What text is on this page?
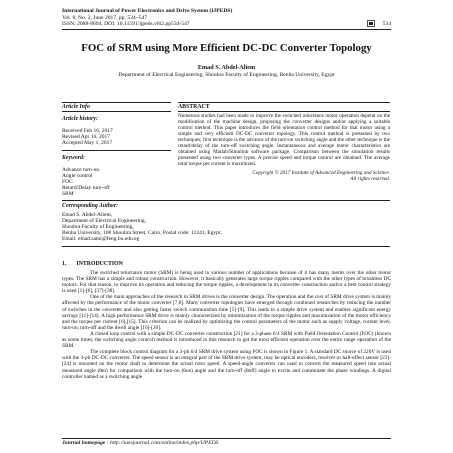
International Journal of Power Electronics and Drive System (IJPEDS)
Vol. 8, No. 2, June 2017, pp. 534~547
ISSN: 2088-8694, DOI: 10.11591/ijpeds.v8i2.pp534-547	534
FOC of SRM using More Efficient DC-DC Converter Topology
Emad S. Abdel-Aliem
Department of Electrical Engineering, Shoubra Faculty of Engineering, Benha University, Egypt
Article Info	ABSTRACT
Article history:
Received Feb 16, 2017
Revised Apr 16, 2017
Accepted May 1, 2017
Keyword:
Advance turn-on
Angle control
FOC
Retard/Delay turn-off
SRM
Numerous studies had been made to improve the switched reluctance motor operation depend on the modification of the machine design, proposing the converter designs and/or applying a suitable control method. This paper introduces the field orientation control method for that motor using a simple and very efficient DC-DC converter topology. This control method is presented by two techniques; first technique is the advance of the turn-on switching angle and the other technique is the retard/delay of the turn-off switching angle. Instantaneous and average motor characteristics are obtained using Matlab/Simulink software package. Comparison between the simulation results presented using two converter types. A precise speed and torque control are obtained. The average total torque per current is maximized.
Copyright © 2017 Institute of Advanced Engineering and Science.
All rights reserved.
Corresponding Author:
Emad S. Abdel-Aliem,
Department of Electrical Engineering,
Shoubra Faculty of Engineering,
Benha University, 108 Shoubra Street, Cairo, Postal code: 11241, Egypt.
Email: emad.sami@feng.bu.edu.eg
1.       INTRODUCTION

The switched reluctance motor (SRM) is being used in various number of applications because of it has many merits over the other motor types. The SRM has a simple and robust construction. However, it basically generates large torque ripples compared with the other types of brushless DC motors. For that reason, to improve its operation and reducing the torque ripples, a development in its converter construction and/or a best control strategy is used [1]-[6], [37]-[38].

One of the main approaches of the research in SRM drives is the converter design. The operation and the cost of SRM drive system is mainly affected by the performance of the motor converter [7,8]. Many converter topologies have emerged through continued researches by reducing the number of switches in the converter and also getting faster switch commutation time [5]-[9]. This leads to a simple drive system and enables significant energy savings [11]-[14]. A high performance SRM drive is mainly characterized by minimization of the torque ripples and maximization of the motor efficiency and the torque per current [6],[15]. This criterion can be realized by optimizing the control parameters of the motor such as supply voltage, current level, turn-on, turn-off and the dwell angle [16]-[20].

A closed loop control with a simple DC-DC converter construction [21] for a 3-phase 6/4 SRM with Field Orientation Control (FOC) (known as some times, the switching angle control) method is introduced in this research to get the most efficient operation over the entire range operation of the SRM.

The complete block control diagram for a 3-ph 6/4 SRM drive system using FOC is shown in Figure 1. A standard DC source of 220V is used with the 3-ph DC-DC converter. The speed sensor is an integral part of the SRM drive system, may be optical encoders, resolver or hall-effect sensor [22]-[24] is mounted on the motor shaft to determine the actual rotor speed. A speed-angle converter can used to convert the measured speed into actual measured angle (θm) for comparison with the turn-on (θon) angle and the turn-off (θoff) angle to excite and commutate the phase windings. A digital controller named as a switching angle

Journal homepage : http://iaesjournal.com/online/index.php/IJPEDS
